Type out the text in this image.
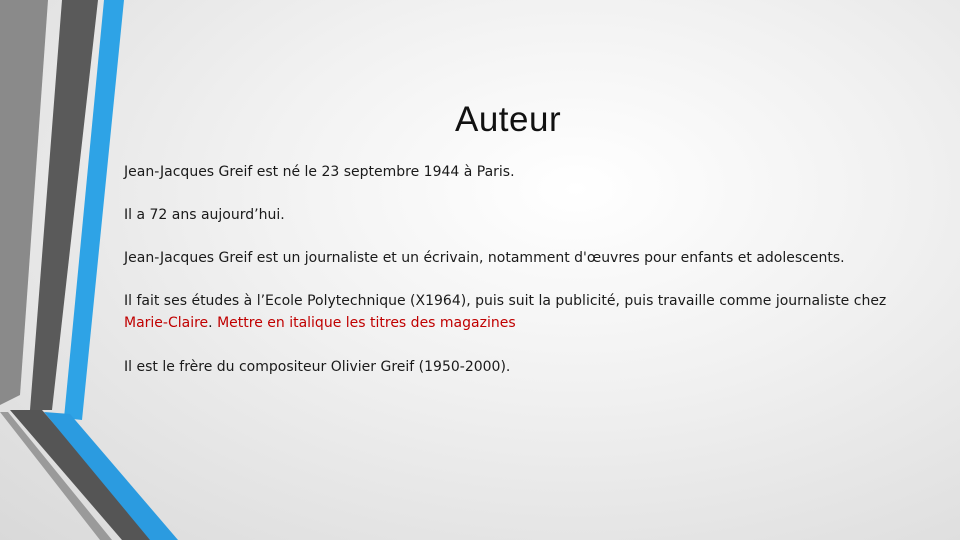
Auteur
Jean-Jacques Greif est né le 23 septembre 1944 à Paris.
Il a 72 ans aujourd’hui.
Jean-Jacques Greif est un journaliste et un écrivain, notamment d'œuvres pour enfants et adolescents.
Il fait ses études à l’Ecole Polytechnique (X1964), puis suit la publicité, puis travaille comme journaliste chez Marie-Claire. Mettre en italique les titres des magazines
Il est le frère du compositeur Olivier Greif (1950-2000).
